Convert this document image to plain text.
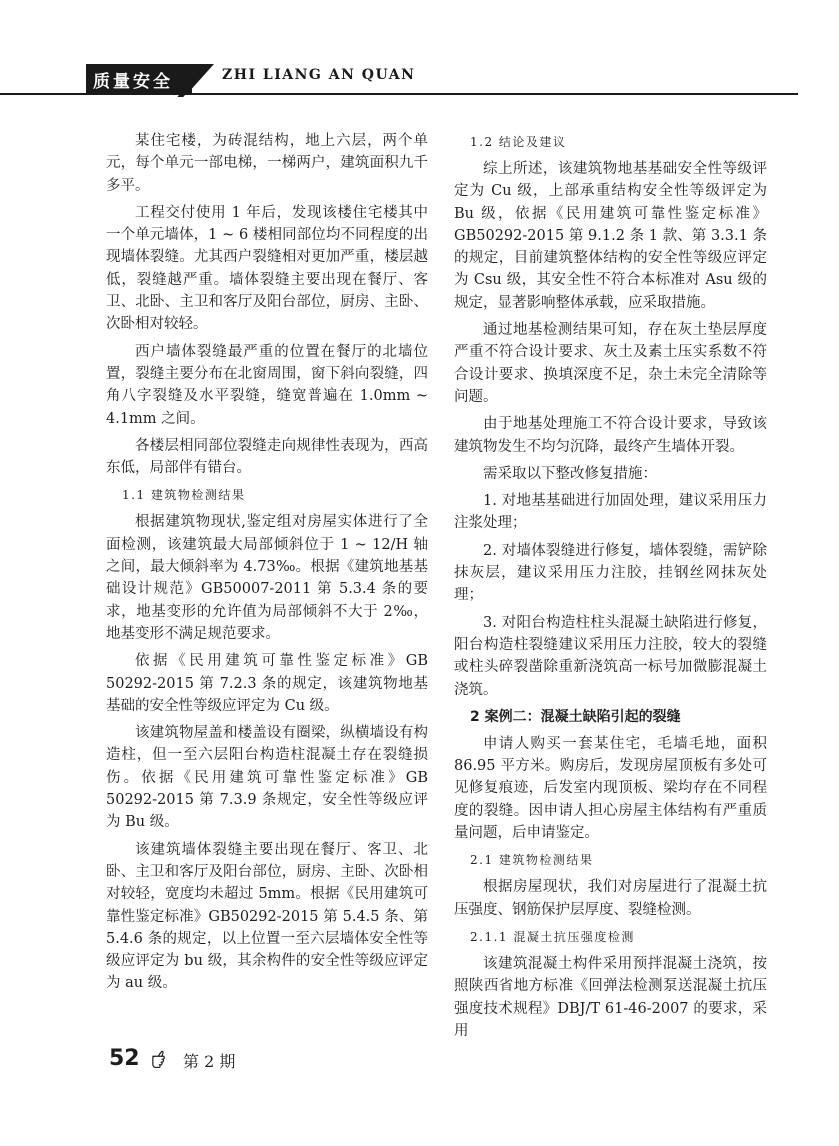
质量安全	ZHI LIANG AN QUAN

某住宅楼，为砖混结构，地上六层，两个单元，每个单元一部电梯，一梯两户，建筑面积九千多平。

工程交付使用 1 年后，发现该楼住宅楼其中一个单元墙体，1 ~ 6 楼相同部位均不同程度的出现墙体裂缝。尤其西户裂缝相对更加严重，楼层越低，裂缝越严重。墙体裂缝主要出现在餐厅、客卫、北卧、主卫和客厅及阳台部位，厨房、主卧、次卧相对较轻。

西户墙体裂缝最严重的位置在餐厅的北墙位置，裂缝主要分布在北窗周围，窗下斜向裂缝，四角八字裂缝及水平裂缝，缝宽普遍在 1.0mm ~ 4.1mm 之间。

各楼层相同部位裂缝走向规律性表现为，西高东低，局部伴有错台。

1.1 建筑物检测结果

根据建筑物现状,鉴定组对房屋实体进行了全面检测，该建筑最大局部倾斜位于 1 ~ 12/H 轴之间，最大倾斜率为 4.73‰。根据《建筑地基基础设计规范》GB50007-2011 第 5.3.4 条的要求，地基变形的允许值为局部倾斜不大于 2‰，地基变形不满足规范要求。

依据《民用建筑可靠性鉴定标准》GB 50292-2015 第 7.2.3 条的规定，该建筑物地基基础的安全性等级应评定为 Cu 级。

该建筑物屋盖和楼盖设有圈梁，纵横墙设有构造柱，但一至六层阳台构造柱混凝土存在裂缝损伤。依据《民用建筑可靠性鉴定标准》GB 50292-2015 第 7.3.9 条规定，安全性等级应评为 Bu 级。

该建筑墙体裂缝主要出现在餐厅、客卫、北卧、主卫和客厅及阳台部位，厨房、主卧、次卧相对较轻，宽度均未超过 5mm。根据《民用建筑可靠性鉴定标准》GB50292-2015 第 5.4.5 条、第 5.4.6 条的规定，以上位置一至六层墙体安全性等级应评定为 bu 级，其余构件的安全性等级应评定为 au 级。

1.2 结论及建议

综上所述，该建筑物地基基础安全性等级评定为 Cu 级，上部承重结构安全性等级评定为 Bu 级，依据《民用建筑可靠性鉴定标准》GB50292-2015 第 9.1.2 条 1 款、第 3.3.1 条的规定，目前建筑整体结构的安全性等级应评定为 Csu 级，其安全性不符合本标准对 Asu 级的规定，显著影响整体承载，应采取措施。

通过地基检测结果可知，存在灰土垫层厚度严重不符合设计要求、灰土及素土压实系数不符合设计要求、换填深度不足，杂土未完全清除等问题。

由于地基处理施工不符合设计要求，导致该建筑物发生不均匀沉降，最终产生墙体开裂。

需采取以下整改修复措施：

1. 对地基基础进行加固处理，建议采用压力注浆处理；

2. 对墙体裂缝进行修复，墙体裂缝，需铲除抹灰层，建议采用压力注胶，挂钢丝网抹灰处理；

3. 对阳台构造柱柱头混凝土缺陷进行修复，阳台构造柱裂缝建议采用压力注胶，较大的裂缝或柱头碎裂凿除重新浇筑高一标号加微膨混凝土浇筑。

2 案例二：混凝土缺陷引起的裂缝

申请人购买一套某住宅，毛墙毛地，面积 86.95 平方米。购房后，发现房屋顶板有多处可见修复痕迹，后发室内现顶板、梁均存在不同程度的裂缝。因申请人担心房屋主体结构有严重质量问题，后申请鉴定。

2.1 建筑物检测结果

根据房屋现状，我们对房屋进行了混凝土抗压强度、钢筋保护层厚度、裂缝检测。

2.1.1 混凝土抗压强度检测

该建筑混凝土构件采用预拌混凝土浇筑，按照陕西省地方标准《回弹法检测泵送混凝土抗压强度技术规程》DBJ/T 61-46-2007 的要求，采用

52	第 2 期
